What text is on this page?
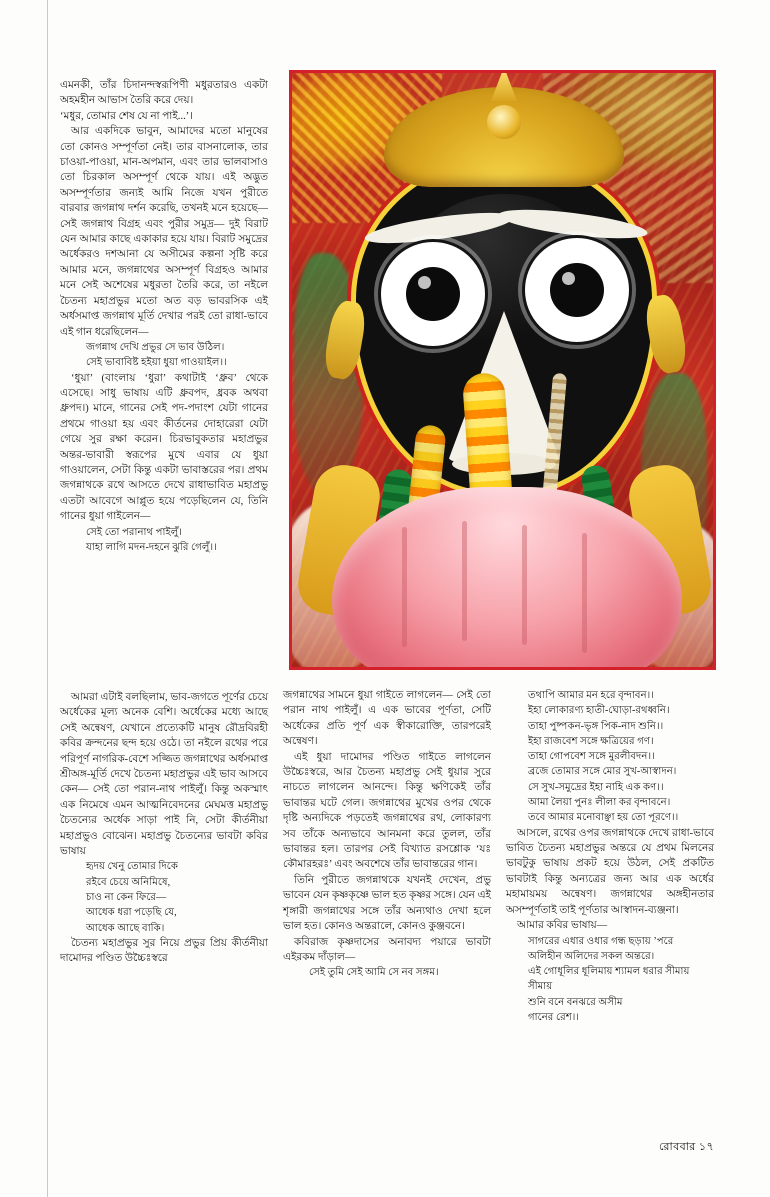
এমনকী, তাঁর চিদানন্দস্বরূপিণী মধুরতারও একটা অহমহীন আভাস তৈরি করে দেয়।

‘মধুর, তোমার শেষ যে না পাই...’।

আর একদিকে ভাবুন, আমাদের মতো মানুষের তো কোনও সম্পূর্ণতা নেই। তার বাসনালোক, তার চাওয়া-পাওয়া, মান-অপমান, এবং তার ভালবাসাও তো চিরকাল অসম্পূর্ণ থেকে যায়। এই অদ্ভুত অসম্পূর্ণতার জন্যই আমি নিজে যখন পুরীতে বারবার জগন্নাথ দর্শন করেছি, তখনই মনে হয়েছে— সেই জগন্নাথ বিগ্রহ এবং পুরীর সমুদ্র— দুই বিরাট যেন আমার কাছে একাকার হয়ে যায়। বিরাট সমুদ্রের অর্ধেকরও দশআনা যে অসীমের কল্পনা সৃষ্টি করে আমার মনে, জগন্নাথের অসম্পূর্ণ বিগ্রহও আমার মনে সেই অশেষের মধুরতা তৈরি করে, তা নইলে চৈতন্য মহাপ্রভুর মতো অত বড় ভাবরসিক এই অর্ধসমাপ্ত জগন্নাথ মূর্তি দেখার পরই তো রাধা-ভাবে এই গান ধরেছিলেন—

জগন্নাথ দেখি প্রভুর সে ভাব উঠিল।

সেই ভাবাবিষ্ট হইয়া ধুয়া গাওয়াইল।।

‘ধুয়া’ (বাংলায় ‘ধুরা’ কথাটাই ‘ধ্রুব’ থেকে এসেছে। সাধু ভাষায় এটি ধ্রুবপদ, ধ্রবক অথবা ধ্রুপদ।) মানে, গানের সেই পদ-পদাংশ যেটা গানের প্রথমে গাওয়া হয় এবং কীর্তনের দোহারেরা যেটা গেয়ে সুর রক্ষা করেন। চিরভাবুকতার মহাপ্রভুর অন্তর-ভাবারী স্বরূপের মুখে এবার যে ধুয়া গাওয়ালেন, সেটা কিন্তু একটা ভাবাস্তরের পর। প্রথম জগন্নাথকে রথে আসতে দেখে রাধাভাবিত মহাপ্রভু এতটা আবেগে আপ্লুত হয়ে পড়েছিলেন যে, তিনি গানের ধুয়া গাইলেন—

সেই তো পরানাথ পাইলুঁ।

যাহা লাগি মদন-দহনে ঝুরি গেলুঁ।।

আমরা এটাই বলছিলাম, ভাব-জগতে পূর্ণের চেয়ে অর্ধেকের মূল্য অনেক বেশি। অর্ধেকের মধ্যে আছে সেই অন্বেষণ, যেখানে প্রত্যেকটি মানুষ রৌদ্রবিরহী কবির ক্রন্দনের ছন্দ হয়ে ওঠে। তা নইলে রথের পরে পরিপূর্ণ নাগরিক-বেশে সজ্জিত জগন্নাথের অর্ধসমাপ্ত শ্রীঅঙ্গ-মূর্তি দেখে চৈতন্য মহাপ্রভুর এই ভাব আসবে কেন— সেই তো পরান-নাথ পাইলুঁ। কিন্তু অকস্মাৎ এক নিমেষে এমন আত্মনিবেদনের মেঘমত্ত মহাপ্রভু চৈতন্যের অর্ধেক সাড়া পাই নি, সেটা কীর্তনীয়া মহাপ্রভুও বোঝেন। মহাপ্রভু চৈতন্যের ভাবটা কবির ভাষায়

হৃদয় খেনু তোমার দিকে

রইবে চেয়ে অনিমিষে,

চাও না কেন ফিরে—

আধেক ধরা পড়েছি যে,

আধেক আছে বাকি।

চৈতন্য মহাপ্রভুর সুর নিয়ে প্রভুর প্রিয় কীর্তনীয়া দামোদর পণ্ডিত উচ্চৈঃস্বরে

জগন্নাথের সামনে ধুয়া গাইতে লাগলেন— সেই তো পরান নাথ পাইলুঁ। এ এক ভাবের পূর্ণতা, সেটি অর্ধেকের প্রতি পূর্ণ এক স্বীকারোক্তি, তারপরেই অন্বেষণ।

এই ধুয়া দামোদর পণ্ডিত গাইতে লাগলেন উচ্চৈঃস্বরে, আর চৈতন্য মহাপ্রভু সেই ধুয়ার সুরে নাচতে লাগলেন আনন্দে। কিন্তু ক্ষণিকেই তাঁর ভাবান্তর ঘটে গেল। জগন্নাথের মুখের ওপর থেকে দৃষ্টি অন্যদিকে পড়তেই জগন্নাথের রথ, লোকারণ্য সব তাঁকে অন্যভাবে আনমনা করে তুলল, তাঁর ভাবান্তর হল। তারপর সেই বিখ্যাত রসশ্লোক ‘যঃ কৌমারহরঃ’ এবং অবশেষে তাঁর ভাবান্তরের গান।

তিনি পুরীতে জগন্নাথকে যখনই দেখেন, প্রভু ভাবেন যেন কৃষ্ণকৃষ্ণে ভাল হত কৃষ্ণর সঙ্গে। যেন এই শৃঙ্গারী জগন্নাথের সঙ্গে তাঁর অন্যথাও দেখা হলে ভাল হত। কোনও অন্তরালে, কোনও কুঞ্জবনে।

কবিরাজ কৃষ্ণদাসের অনাবদ্য পয়ারে ভাবটা এইরকম দাঁড়াল—

সেই তুমি সেই আমি সে নব সঙ্গম।

তথাপি আমার মন হরে বৃন্দাবন।।

ইহা লোকারণ্য হাতী-ঘোড়া-রথধ্বনি।

তাহা পুষ্পকন-ভৃঙ্গ পিক-নাদ শুনি।।

ইহা রাজবেশ সঙ্গে ক্ষত্রিয়ের গণ।

তাহা গোপবেশ সঙ্গে মুরলীবদন।।

ব্রজে তোমার সঙ্গে মোর সুখ-আস্বাদন।

সে সুখ-সমুদ্রের ইহা নাহি এক কণ।।

আমা লৈয়া পুনঃ লীলা কর বৃন্দাবনে।

তবে আমার মনোবাঞ্ছা হয় তো পূরণে।।

আসলে, রথের ওপর জগন্নাথকে দেখে রাধা-ভাবে ভাবিত চৈতন্য মহাপ্রভুর অন্তরে যে প্রথম মিলনের ভাবটুকু ভাষায় প্রকট হয়ে উঠল, সেই প্রকটিত ভাবটাই কিন্তু অন্যত্রের জন্য আর এক অর্ধের মহামায়ময় অন্বেষণ। জগন্নাথের অঙ্গহীনতার অসম্পূর্ণতাই তাই পূর্ণতার আস্বাদন-ব্যঞ্জনা।

আমার কবির ভাষায়—

সাগরের এধার ওধার গন্ধ ছড়ায় ’পরে

অলিহীন অলিদের সকল অন্তরে।

এই গোধূলির ধূলিমায় শ্যামল ধরার সীমায় সীমায়

শুনি বনে বনঝরে অসীম

গানের রেশ।।

রোববার ১৭
